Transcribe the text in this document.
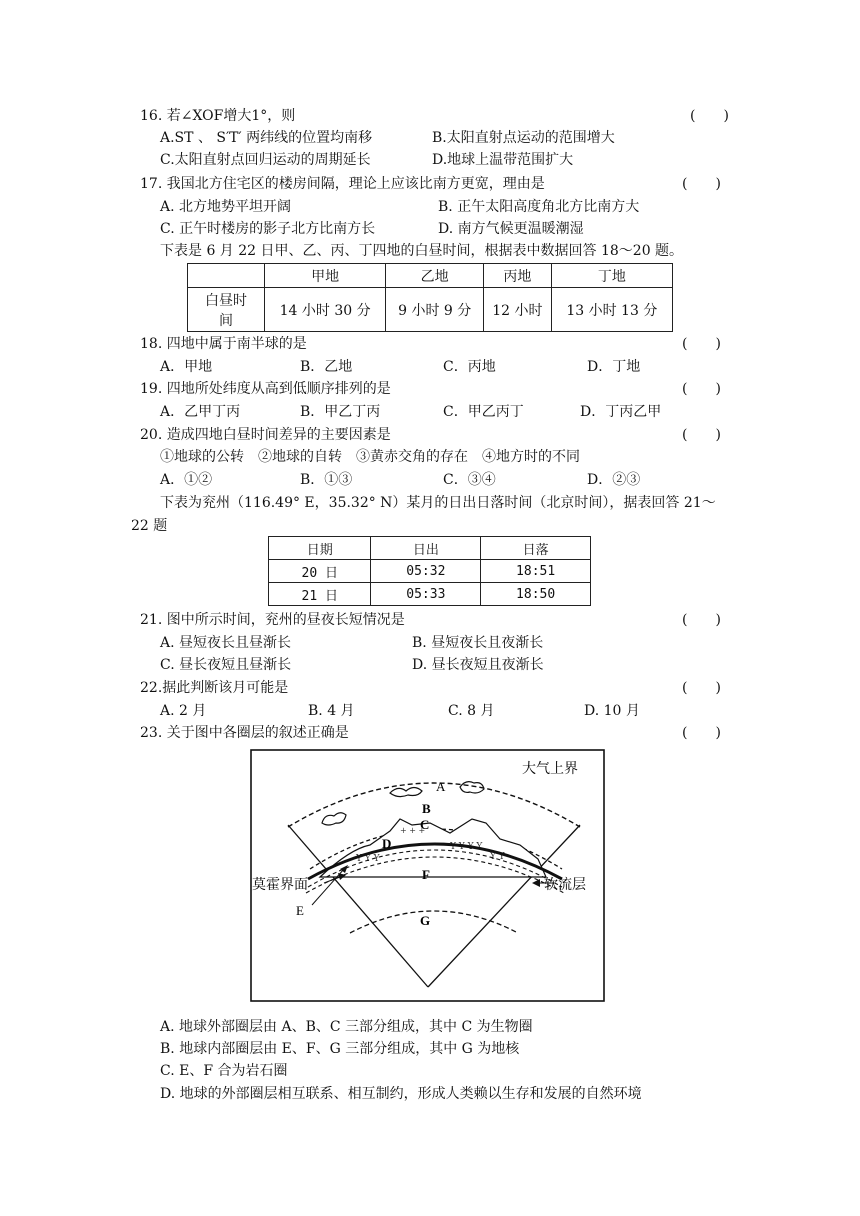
16. 若∠XOF增大1°，则	(　　)
A.ST 、 S′T′ 两纬线的位置均南移	B.太阳直射点运动的范围增大
C.太阳直射点回归运动的周期延长	D.地球上温带范围扩大
17. 我国北方住宅区的楼房间隔，理论上应该比南方更宽，理由是	(　　)
A. 北方地势平坦开阔	B. 正午太阳高度角北方比南方大
C. 正午时楼房的影子北方比南方长	D. 南方气候更温暖潮湿
下表是 6 月 22 日甲、乙、丙、丁四地的白昼时间，根据表中数据回答 18～20 题。
	甲地	乙地	丙地	丁地
白昼时
间	14 小时 30 分	9 小时 9 分	12 小时	13 小时 13 分
18. 四地中属于南半球的是	(　　)
A．甲地	B．乙地	C．丙地	D．丁地
19. 四地所处纬度从高到低顺序排列的是	(　　)
A．乙甲丁丙	B．甲乙丁丙	C．甲乙丙丁	D．丁丙乙甲
20. 造成四地白昼时间差异的主要因素是	(　　)
①地球的公转　②地球的自转　③黄赤交角的存在　④地方时的不同
A．①②	B．①③	C．③④	D．②③
下表为兖州（116.49° E，35.32° N）某月的日出日落时间（北京时间），据表回答 21～
22 题
日期	日出	日落
20 日	05:32	18:51
21 日	05:33	18:50
21. 图中所示时间，兖州的昼夜长短情况是	(　　)
A. 昼短夜长且昼渐长	B. 昼短夜长且夜渐长
C. 昼长夜短且昼渐长	D. 昼长夜短且夜渐长
22.据此判断该月可能是	(　　)
A. 2 月	B. 4 月	C. 8 月	D. 10 月
23. 关于图中各圈层的叙述正确是	(　　)
Y Y Y
Y Y Y Y
Y Y
+ + +
大气上界
A
B
C
D
F
G
莫霍界面
E
软流层
A. 地球外部圈层由 A、B、C 三部分组成，其中 C 为生物圈
B. 地球内部圈层由 E、F、G 三部分组成，其中 G 为地核
C. E、F 合为岩石圈
D. 地球的外部圈层相互联系、相互制约，形成人类赖以生存和发展的自然环境
